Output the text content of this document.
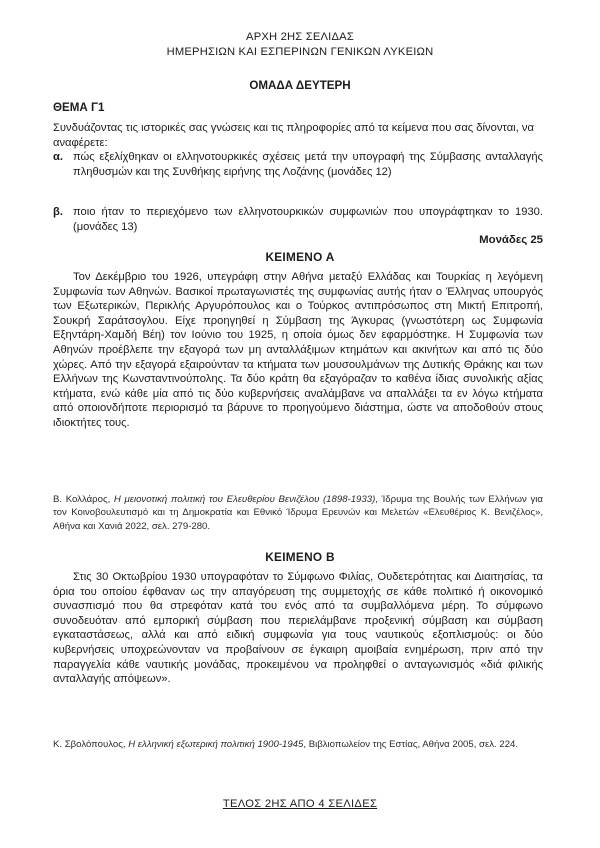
ΑΡΧΗ 2ΗΣ ΣΕΛΙΔΑΣ
ΗΜΕΡΗΣΙΩΝ ΚΑΙ ΕΣΠΕΡΙΝΩΝ ΓΕΝΙΚΩΝ ΛΥΚΕΙΩΝ
ΟΜΑΔΑ ΔΕΥΤΕΡΗ
ΘΕΜΑ Γ1
Συνδυάζοντας τις ιστορικές σας γνώσεις και τις πληροφορίες από τα κείμενα που σας δίνονται, να αναφέρετε:
α. πώς εξελίχθηκαν οι ελληνοτουρκικές σχέσεις μετά την υπογραφή της Σύμβασης ανταλλαγής πληθυσμών και της Συνθήκης ειρήνης της Λοζάνης (μονάδες 12)
β. ποιο ήταν το περιεχόμενο των ελληνοτουρκικών συμφωνιών που υπογράφτηκαν το 1930. (μονάδες 13)
Μονάδες 25
ΚΕΙΜΕΝΟ Α
Τον Δεκέμβριο του 1926, υπεγράφη στην Αθήνα μεταξύ Ελλάδας και Τουρκίας η λεγόμενη Συμφωνία των Αθηνών. Βασικοί πρωταγωνιστές της συμφωνίας αυτής ήταν ο Έλληνας υπουργός των Εξωτερικών, Περικλής Αργυρόπουλος και ο Τούρκος αντιπρόσωπος στη Μικτή Επιτροπή, Σουκρή Σαράτσογλου. Είχε προηγηθεί η Σύμβαση της Άγκυρας (γνωστότερη ως Συμφωνία Εξηντάρη-Χαμδή Βέη) τον Ιούνιο του 1925, η οποία όμως δεν εφαρμόστηκε. Η Συμφωνία των Αθηνών προέβλεπε την εξαγορά των μη ανταλλάξιμων κτημάτων και ακινήτων και από τις δύο χώρες. Από την εξαγορά εξαιρούνταν τα κτήματα των μουσουλμάνων της Δυτικής Θράκης και των Ελλήνων της Κωνσταντινούπολης. Τα δύο κράτη θα εξαγόραζαν το καθένα ίδιας συνολικής αξίας κτήματα, ενώ κάθε μία από τις δύο κυβερνήσεις αναλάμβανε να απαλλάξει τα εν λόγω κτήματα από οποιονδήποτε περιορισμό τα βάρυνε το προηγούμενο διάστημα, ώστε να αποδοθούν στους ιδιοκτήτες τους.
Β. Κολλάρος, Η μειονοτική πολιτική του Ελευθερίου Βενιζέλου (1898-1933), Ίδρυμα της Βουλής των Ελλήνων για τον Κοινοβουλευτισμό και τη Δημοκρατία και Εθνικό Ίδρυμα Ερευνών και Μελετών «Ελευθέριος Κ. Βενιζέλος», Αθήνα και Χανιά 2022, σελ. 279-280.
ΚΕΙΜΕΝΟ Β
Στις 30 Οκτωβρίου 1930 υπογραφόταν το Σύμφωνο Φιλίας, Ουδετερότητας και Διαιτησίας, τα όρια του οποίου έφθαναν ως την απαγόρευση της συμμετοχής σε κάθε πολιτικό ή οικονομικό συνασπισμό που θα στρεφόταν κατά του ενός από τα συμβαλλόμενα μέρη. Το σύμφωνο συνοδευόταν από εμπορική σύμβαση που περιελάμβανε προξενική σύμβαση και σύμβαση εγκαταστάσεως, αλλά και από ειδική συμφωνία για τους ναυτικούς εξοπλισμούς: οι δύο κυβερνήσεις υποχρεώνονταν να προβαίνουν σε έγκαιρη αμοιβαία ενημέρωση, πριν από την παραγγελία κάθε ναυτικής μονάδας, προκειμένου να προληφθεί ο ανταγωνισμός «διά φιλικής ανταλλαγής απόψεων».
Κ. Σβολόπουλος, Η ελληνική εξωτερική πολιτική 1900-1945, Βιβλιοπωλείον της Εστίας, Αθήνα 2005, σελ. 224.
ΤΕΛΟΣ 2ΗΣ ΑΠΟ 4 ΣΕΛΙΔΕΣ
